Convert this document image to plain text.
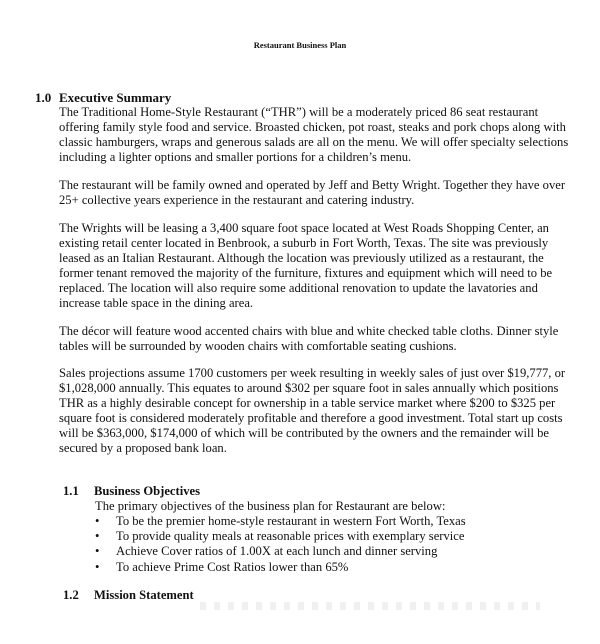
Restaurant Business Plan
1.0 Executive Summary

The Traditional Home-Style Restaurant (“THR”) will be a moderately priced 86 seat restaurant offering family style food and service. Broasted chicken, pot roast, steaks and pork chops along with classic hamburgers, wraps and generous salads are all on the menu. We will offer specialty selections including a lighter options and smaller portions for a children’s menu.

The restaurant will be family owned and operated by Jeff and Betty Wright. Together they have over 25+ collective years experience in the restaurant and catering industry.

The Wrights will be leasing a 3,400 square foot space located at West Roads Shopping Center, an existing retail center located in Benbrook, a suburb in Fort Worth, Texas. The site was previously leased as an Italian Restaurant. Although the location was previously utilized as a restaurant, the former tenant removed the majority of the furniture, fixtures and equipment which will need to be replaced. The location will also require some additional renovation to update the lavatories and increase table space in the dining area.

The décor will feature wood accented chairs with blue and white checked table cloths. Dinner style tables will be surrounded by wooden chairs with comfortable seating cushions.

Sales projections assume 1700 customers per week resulting in weekly sales of just over $19,777, or $1,028,000 annually. This equates to around $302 per square foot in sales annually which positions THR as a highly desirable concept for ownership in a table service market where $200 to $325 per square foot is considered moderately profitable and therefore a good investment. Total start up costs will be $363,000, $174,000 of which will be contributed by the owners and the remainder will be secured by a proposed bank loan.

1.1 Business Objectives

The primary objectives of the business plan for Restaurant are below:

• To be the premier home-style restaurant in western Fort Worth, Texas
• To provide quality meals at reasonable prices with exemplary service
• Achieve Cover ratios of 1.00X at each lunch and dinner serving
• To achieve Prime Cost Ratios lower than 65%
1.2 Mission Statement
